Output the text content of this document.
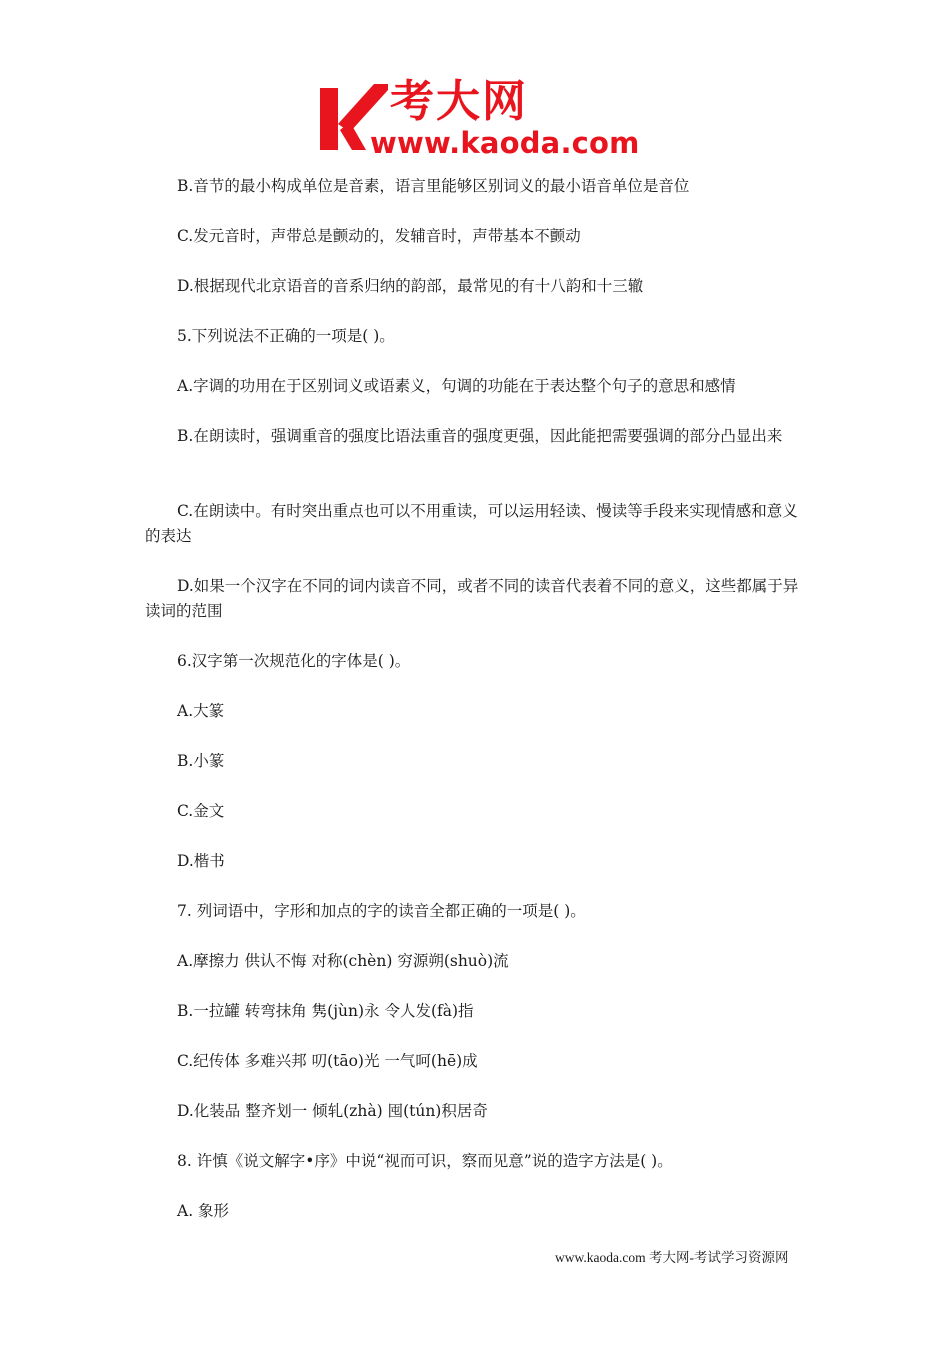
考大网
www.kaoda.com
B.音节的最小构成单位是音素，语言里能够区别词义的最小语音单位是音位
C.发元音时，声带总是颤动的，发辅音时，声带基本不颤动
D.根据现代北京语音的音系归纳的韵部，最常见的有十八韵和十三辙
5.下列说法不正确的一项是( )。
A.字调的功用在于区别词义或语素义，句调的功能在于表达整个句子的意思和感情
B.在朗读时，强调重音的强度比语法重音的强度更强，因此能把需要强调的部分凸显出来
C.在朗读中。有时突出重点也可以不用重读，可以运用轻读、慢读等手段来实现情感和意义的表达
D.如果一个汉字在不同的词内读音不同，或者不同的读音代表着不同的意义，这些都属于异读词的范围
6.汉字第一次规范化的字体是( )。
A.大篆
B.小篆
C.金文
D.楷书
7. 列词语中，字形和加点的字的读音全都正确的一项是( )。
A.摩擦力 供认不悔 对称(chèn) 穷源朔(shuò)流
B.一拉罐 转弯抹角 隽(jùn)永 令人发(fà)指
C.纪传体 多难兴邦 叨(tāo)光 一气呵(hē)成
D.化装品 整齐划一 倾轧(zhà) 囤(tún)积居奇
8. 许慎《说文解字•序》中说“视而可识，察而见意”说的造字方法是( )。
A. 象形
www.kaoda.com 考大网-考试学习资源网
